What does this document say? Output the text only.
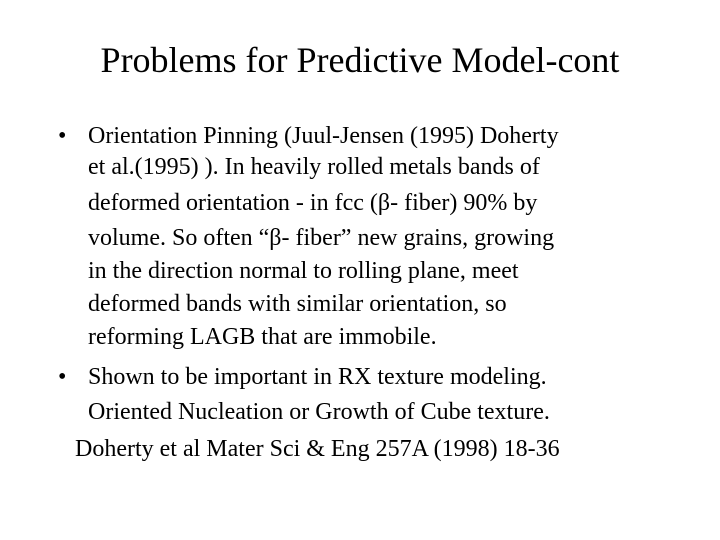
Problems for Predictive Model-cont
• Orientation Pinning (Juul-Jensen (1995) Doherty
et al.(1995) ). In heavily rolled metals bands of
deformed orientation - in fcc (β- fiber) 90% by
volume. So often “β- fiber” new grains, growing
in the direction normal to rolling plane, meet
deformed bands with similar orientation, so
reforming LAGB that are immobile.
• Shown to be important in RX texture modeling.
Oriented Nucleation or Growth of Cube texture.
Doherty et al Mater Sci & Eng 257A (1998) 18-36
